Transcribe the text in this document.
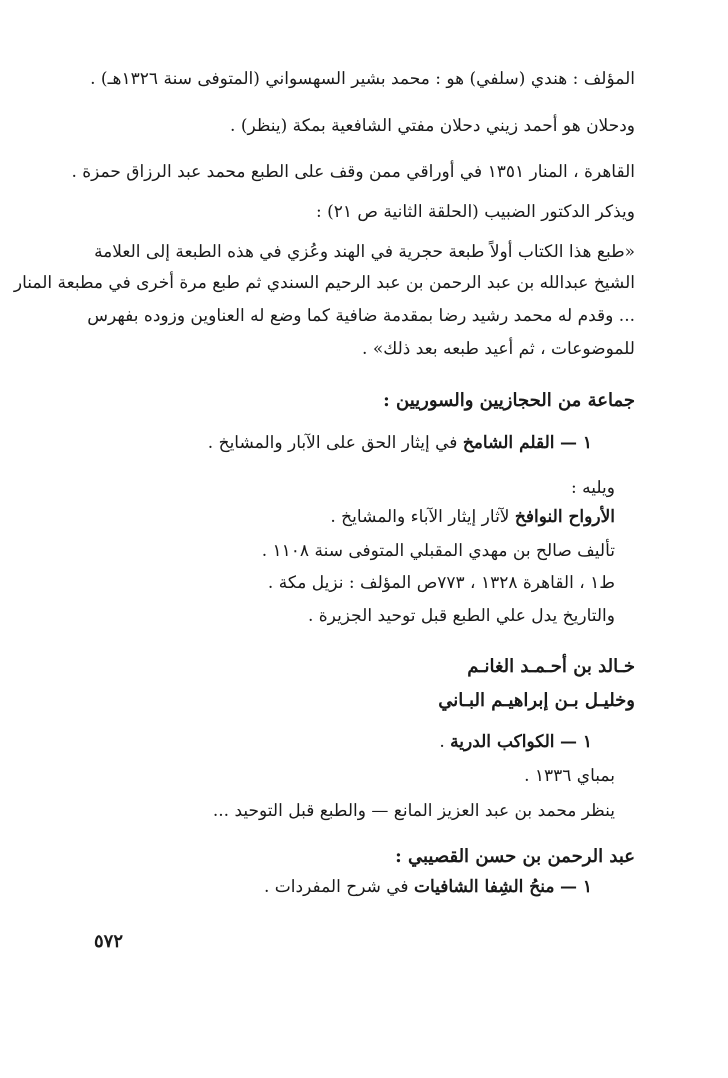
المؤلف : هندي (سلفي) هو : محمد بشير السهسواني (المتوفى سنة ١٣٢٦هـ) .
ودحلان هو أحمد زيني دحلان مفتي الشافعية بمكة (ينظر) .
القاهرة ، المنار ١٣٥١ في أوراقي ممن وقف على الطبع محمد عبد الرزاق حمزة .
ويذكر الدكتور الضبيب (الحلقة الثانية ص ٢١) :
«طبع هذا الكتاب أولاً طبعة حجرية في الهند وعُزي في هذه الطبعة إلى العلامة
الشيخ عبدالله بن عبد الرحمن بن عبد الرحيم السندي ثم طبع مرة أخرى في مطبعة المنار
... وقدم له محمد رشيد رضا بمقدمة ضافية كما وضع له العناوين وزوده بفهرس
للموضوعات ، ثم أعيد طبعه بعد ذلك» .
جماعة من الحجازيين والسوريين :
١ — القلم الشامخ في إيثار الحق على الآبار والمشايخ .
ويليه :
الأرواح النوافخ لآثار إيثار الآباء والمشايخ .
تأليف صالح بن مهدي المقبلي المتوفى سنة ١١٠٨ .
ط١ ، القاهرة ١٣٢٨ ، ٧٧٣ص المؤلف : نزيل مكة .
والتاريخ يدل علي الطبع قبل توحيد الجزيرة .
خـالد بن أحـمـد الغانـم
وخليـل بـن إبراهيـم البـاني
١ — الكواكب الدرية .
بمباي ١٣٣٦ .
ينظر محمد بن عبد العزيز المانع — والطبع قبل التوحيد ...
عبد الرحمن بن حسن القصيبي :
١ — منحُ الشِفا الشافيات في شرح المفردات .
٥٧٢
